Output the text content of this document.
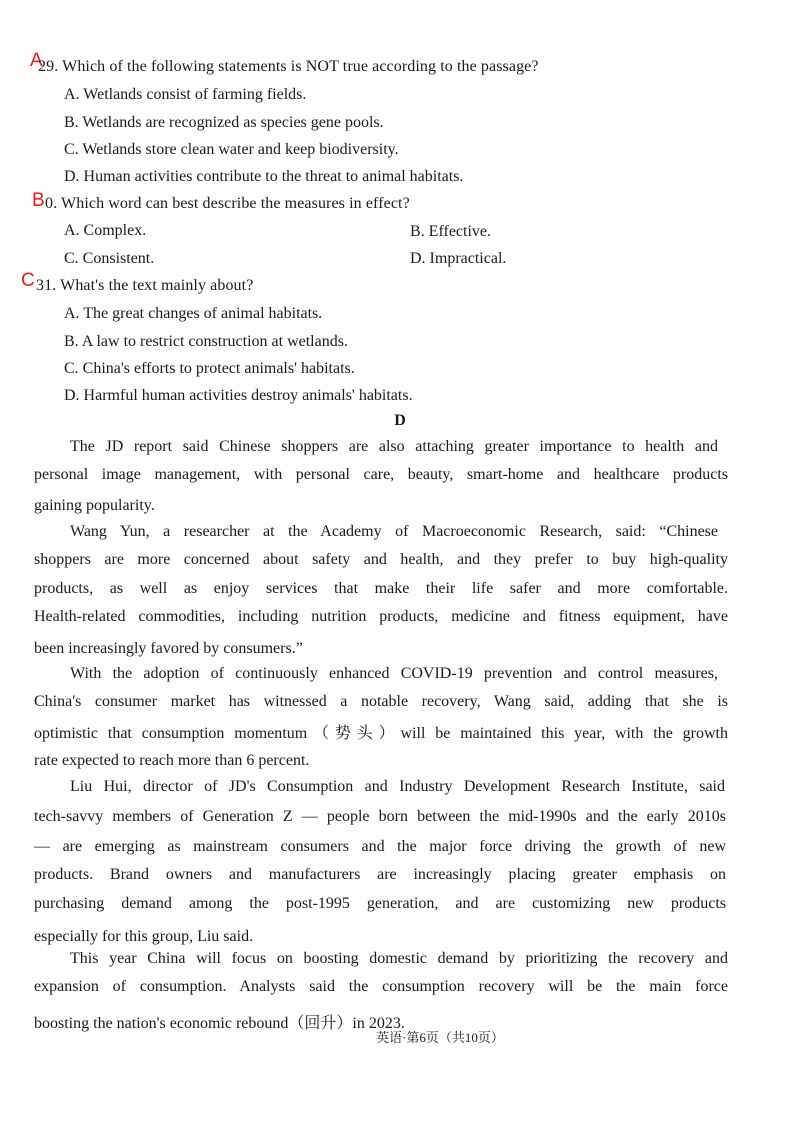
A
29. Which of the following statements is NOT true according to the passage?
A. Wetlands consist of farming fields.
B. Wetlands are recognized as species gene pools.
C. Wetlands store clean water and keep biodiversity.
D. Human activities contribute to the threat to animal habitats.
B 0. Which word can best describe the measures in effect?
A. Complex.	B. Effective.
C. Consistent.	D. Impractical.
C 31. What's the text mainly about?
A. The great changes of animal habitats.
B. A law to restrict construction at wetlands.
C. China's efforts to protect animals' habitats.
D. Harmful human activities destroy animals' habitats.
D
The JD report said Chinese shoppers are also attaching greater importance to health and
personal image management, with personal care, beauty, smart-home and healthcare products
gaining popularity.
Wang Yun, a researcher at the Academy of Macroeconomic Research, said: “Chinese
shoppers are more concerned about safety and health, and they prefer to buy high-quality
products, as well as enjoy services that make their life safer and more comfortable.
Health-related commodities, including nutrition products, medicine and fitness equipment, have
been increasingly favored by consumers.”
With the adoption of continuously enhanced COVID-19 prevention and control measures,
China's consumer market has witnessed a notable recovery, Wang said, adding that she is
optimistic that consumption momentum（势头）will be maintained this year, with the growth
rate expected to reach more than 6 percent.
Liu Hui, director of JD's Consumption and Industry Development Research Institute, said
tech-savvy members of Generation Z — people born between the mid-1990s and the early 2010s
— are emerging as mainstream consumers and the major force driving the growth of new
products. Brand owners and manufacturers are increasingly placing greater emphasis on
purchasing demand among the post-1995 generation, and are customizing new products
especially for this group, Liu said.
This year China will focus on boosting domestic demand by prioritizing the recovery and
expansion of consumption. Analysts said the consumption recovery will be the main force
boosting the nation's economic rebound（回升）in 2023.
英语·第6页（共10页）
